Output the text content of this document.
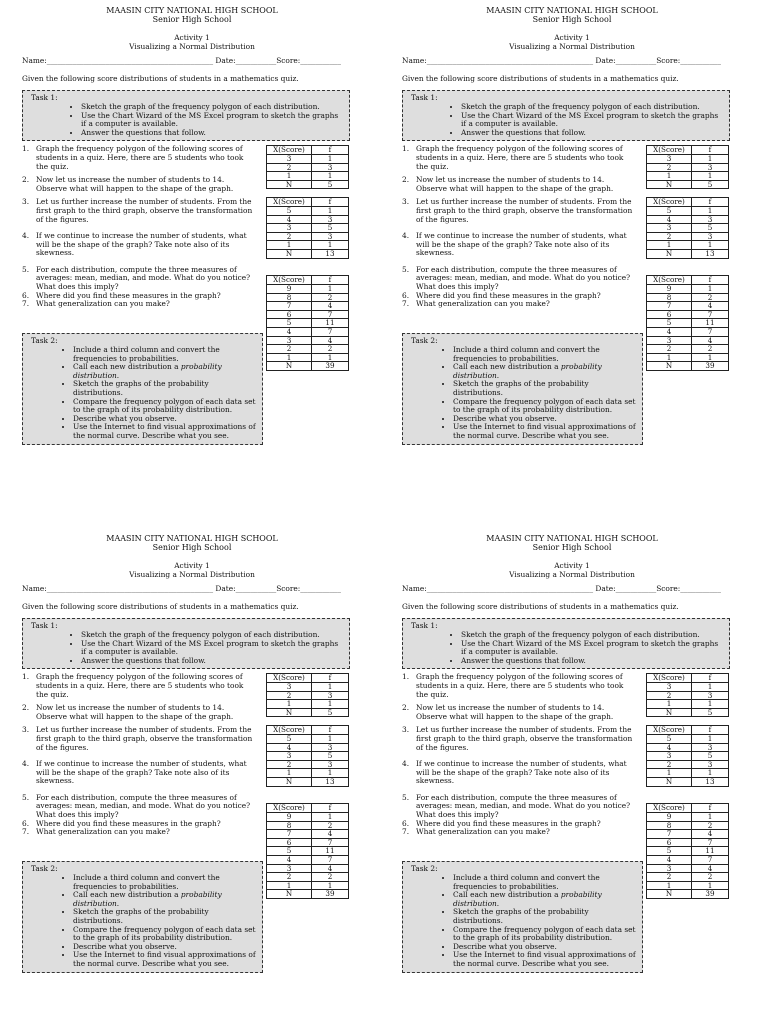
MAASIN CITY NATIONAL HIGH SCHOOL
Senior High School
Activity 1
Visualizing a Normal Distribution
Name:_____________________________________________ Date:___________Score:___________
Given the following score distributions of students in a mathematics quiz.
Task 1:
• Sketch the graph of the frequency polygon of each distribution.
• Use the Chart Wizard of the MS Excel program to sketch the graphs if a computer is available.
• Answer the questions that follow.
1. Graph the frequency polygon of the following scores of students in a quiz. Here, there are 5 students who took the quiz.
2. Now let us increase the number of students to 14.
Observe what will happen to the shape of the graph.
3. Let us further increase the number of students. From the first graph to the third graph, observe the transformation of the figures.
4. If we continue to increase the number of students, what will be the shape of the graph? Take note also of its skewness.
5. For each distribution, compute the three measures of averages: mean, median, and mode. What do you notice? What does this imply?
6. Where did you find these measures in the graph?
7. What generalization can you make?
X(Score)	f
3	1
2	3
1	1
N	5
X(Score)	f
5	1
4	3
3	5
2	3
1	1
N	13
X(Score)	f
9	1
8	2
7	4
6	7
5	11
4	7
3	4
2	2
1	1
N	39
Task 2:
• Include a third column and convert the frequencies to probabilities.
• Call each new distribution a probability distribution.
• Sketch the graphs of the probability distributions.
• Compare the frequency polygon of each data set to the graph of its probability distribution.
• Describe what you observe.
• Use the Internet to find visual approximations of the normal curve. Describe what you see.
MAASIN CITY NATIONAL HIGH SCHOOL
Senior High School
Activity 1
Visualizing a Normal Distribution
Name:_____________________________________________ Date:___________Score:___________
Given the following score distributions of students in a mathematics quiz.
Task 1:
• Sketch the graph of the frequency polygon of each distribution.
• Use the Chart Wizard of the MS Excel program to sketch the graphs if a computer is available.
• Answer the questions that follow.
1. Graph the frequency polygon of the following scores of students in a quiz. Here, there are 5 students who took the quiz.
2. Now let us increase the number of students to 14.
Observe what will happen to the shape of the graph.
3. Let us further increase the number of students. From the first graph to the third graph, observe the transformation of the figures.
4. If we continue to increase the number of students, what will be the shape of the graph? Take note also of its skewness.
5. For each distribution, compute the three measures of averages: mean, median, and mode. What do you notice? What does this imply?
6. Where did you find these measures in the graph?
7. What generalization can you make?
X(Score)	f
3	1
2	3
1	1
N	5
X(Score)	f
5	1
4	3
3	5
2	3
1	1
N	13
X(Score)	f
9	1
8	2
7	4
6	7
5	11
4	7
3	4
2	2
1	1
N	39
Task 2:
• Include a third column and convert the frequencies to probabilities.
• Call each new distribution a probability distribution.
• Sketch the graphs of the probability distributions.
• Compare the frequency polygon of each data set to the graph of its probability distribution.
• Describe what you observe.
• Use the Internet to find visual approximations of the normal curve. Describe what you see.
MAASIN CITY NATIONAL HIGH SCHOOL
Senior High School
Activity 1
Visualizing a Normal Distribution
Name:_____________________________________________ Date:___________Score:___________
Given the following score distributions of students in a mathematics quiz.
Task 1:
• Sketch the graph of the frequency polygon of each distribution.
• Use the Chart Wizard of the MS Excel program to sketch the graphs if a computer is available.
• Answer the questions that follow.
1. Graph the frequency polygon of the following scores of students in a quiz. Here, there are 5 students who took the quiz.
2. Now let us increase the number of students to 14.
Observe what will happen to the shape of the graph.
3. Let us further increase the number of students. From the first graph to the third graph, observe the transformation of the figures.
4. If we continue to increase the number of students, what will be the shape of the graph? Take note also of its skewness.
5. For each distribution, compute the three measures of averages: mean, median, and mode. What do you notice? What does this imply?
6. Where did you find these measures in the graph?
7. What generalization can you make?
X(Score)	f
3	1
2	3
1	1
N	5
X(Score)	f
5	1
4	3
3	5
2	3
1	1
N	13
X(Score)	f
9	1
8	2
7	4
6	7
5	11
4	7
3	4
2	2
1	1
N	39
Task 2:
• Include a third column and convert the frequencies to probabilities.
• Call each new distribution a probability distribution.
• Sketch the graphs of the probability distributions.
• Compare the frequency polygon of each data set to the graph of its probability distribution.
• Describe what you observe.
• Use the Internet to find visual approximations of the normal curve. Describe what you see.
MAASIN CITY NATIONAL HIGH SCHOOL
Senior High School
Activity 1
Visualizing a Normal Distribution
Name:_____________________________________________ Date:___________Score:___________
Given the following score distributions of students in a mathematics quiz.
Task 1:
• Sketch the graph of the frequency polygon of each distribution.
• Use the Chart Wizard of the MS Excel program to sketch the graphs if a computer is available.
• Answer the questions that follow.
1. Graph the frequency polygon of the following scores of students in a quiz. Here, there are 5 students who took the quiz.
2. Now let us increase the number of students to 14.
Observe what will happen to the shape of the graph.
3. Let us further increase the number of students. From the first graph to the third graph, observe the transformation of the figures.
4. If we continue to increase the number of students, what will be the shape of the graph? Take note also of its skewness.
5. For each distribution, compute the three measures of averages: mean, median, and mode. What do you notice? What does this imply?
6. Where did you find these measures in the graph?
7. What generalization can you make?
X(Score)	f
3	1
2	3
1	1
N	5
X(Score)	f
5	1
4	3
3	5
2	3
1	1
N	13
X(Score)	f
9	1
8	2
7	4
6	7
5	11
4	7
3	4
2	2
1	1
N	39
Task 2:
• Include a third column and convert the frequencies to probabilities.
• Call each new distribution a probability distribution.
• Sketch the graphs of the probability distributions.
• Compare the frequency polygon of each data set to the graph of its probability distribution.
• Describe what you observe.
• Use the Internet to find visual approximations of the normal curve. Describe what you see.
